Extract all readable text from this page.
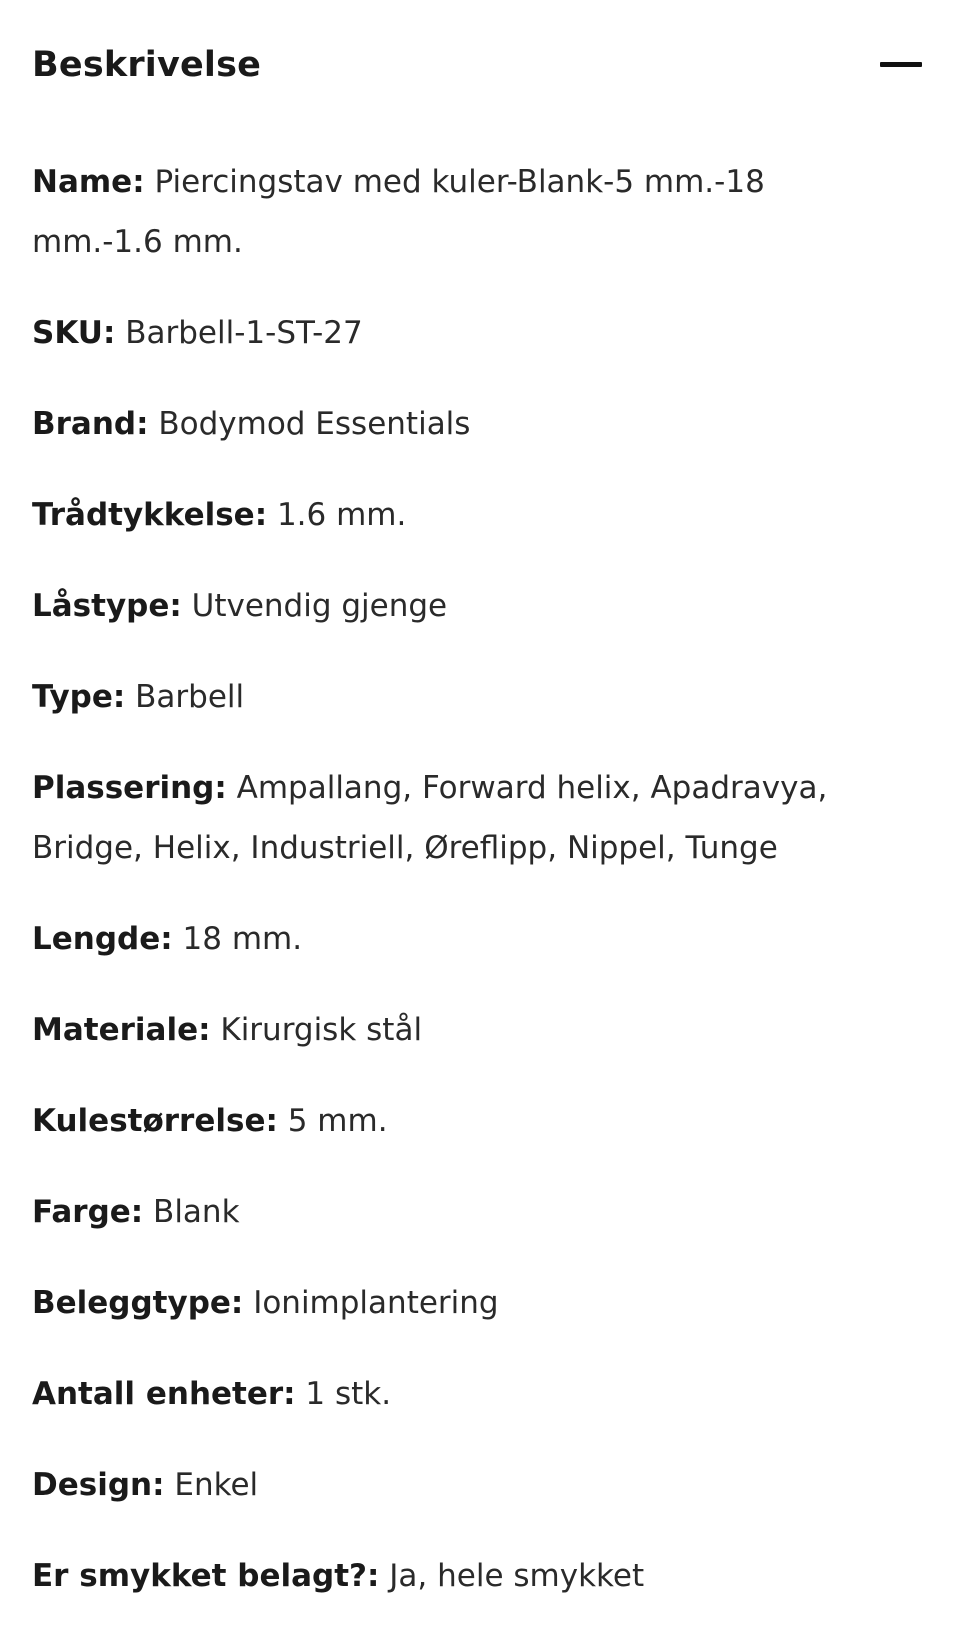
Beskrivelse
Name: Piercingstav med kuler-Blank-5 mm.-18 mm.-1.6 mm.
SKU: Barbell-1-ST-27
Brand: Bodymod Essentials
Trådtykkelse: 1.6 mm.
Låstype: Utvendig gjenge
Type: Barbell
Plassering: Ampallang, Forward helix, Apadravya, Bridge, Helix, Industriell, Øreflipp, Nippel, Tunge
Lengde: 18 mm.
Materiale: Kirurgisk stål
Kulestørrelse: 5 mm.
Farge: Blank
Beleggtype: Ionimplantering
Antall enheter: 1 stk.
Design: Enkel
Er smykket belagt?: Ja, hele smykket
